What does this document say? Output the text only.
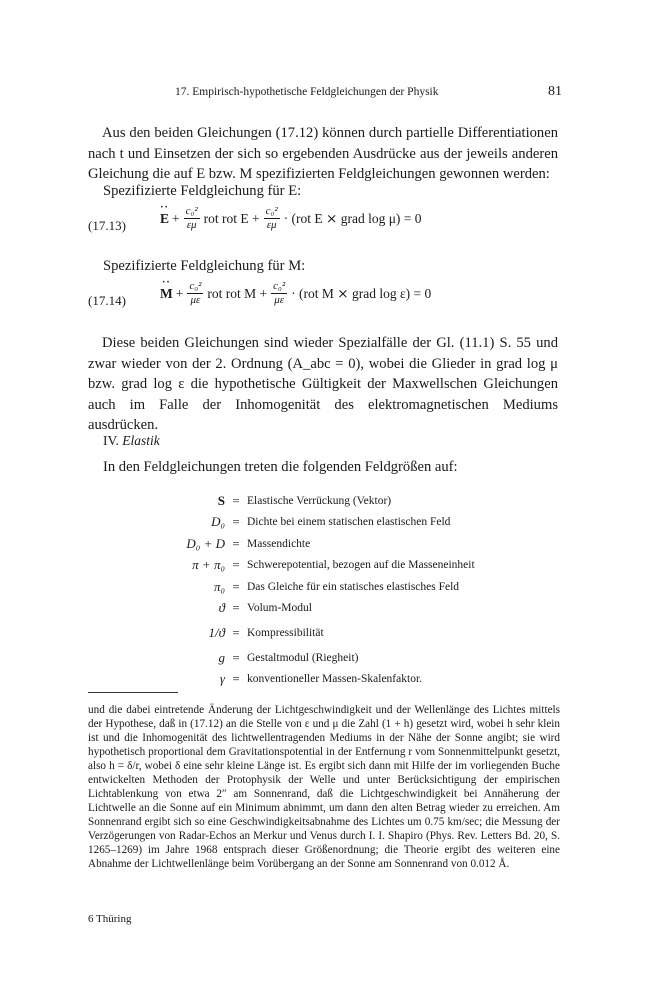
17. Empirisch-hypothetische Feldgleichungen der Physik	81
Aus den beiden Gleichungen (17.12) können durch partielle Differentiationen nach t und Einsetzen der sich so ergebenden Ausdrücke aus der jeweils anderen Gleichung die auf E bzw. M spezifizierten Feldgleichungen gewonnen werden:
Spezifizierte Feldgleichung für E:
(17.13)
··
$E + \frac{\text{c₀²}}{\varepsilon\mu}$ rot rot $E + \frac{\text{c₀²}}{\varepsilon\mu} \cdot (rot$ E ⨯ grad log μ) = 0
Spezifizierte Feldgleichung für M:
(17.14)
··
$M + \frac{\text{c₀²}}{\mu\varepsilon}$ rot rot $M + \frac{\text{c₀²}}{\mu\varepsilon} \cdot (rot$ M ⨯ grad log ε) = 0
Diese beiden Gleichungen sind wieder Spezialfälle der Gl. (11.1) S. 55 und zwar wieder von der 2. Ordnung (A_abc = 0), wobei die Glieder in grad log μ bzw. grad log ε die hypothetische Gültigkeit der Maxwellschen Gleichungen auch im Falle der Inhomogenität des elektromagnetischen Mediums ausdrücken.
IV. Elastik
In den Feldgleichungen treten die folgenden Feldgrößen auf:
S = Elastische Verrückung (Vektor)
D₀ = Dichte bei einem statischen elastischen Feld
D₀ + D = Massendichte
π + π₀ = Schwerepotential, bezogen auf die Masseneinheit
π₀ = Das Gleiche für ein statisches elastisches Feld
ϑ = Volum-Modul
1/ϑ = Kompressibilität
g = Gestaltmodul (Riegheit)
γ = konventioneller Massen-Skalenfaktor.
und die dabei eintretende Änderung der Lichtgeschwindigkeit und der Wellenlänge des Lichtes mittels der Hypothese, daß in (17.12) an die Stelle von ε und μ die Zahl (1 + h) gesetzt wird, wobei h sehr klein ist und die Inhomogenität des lichtwellentragenden Mediums in der Nähe der Sonne angibt; sie wird hypothetisch proportional dem Gravitationspotential in der Entfernung r vom Sonnenmittelpunkt gesetzt, also h = δ/r, wobei δ eine sehr kleine Länge ist. Es ergibt sich dann mit Hilfe der im vorliegenden Buche entwickelten Methoden der Protophysik der Welle und unter Berücksichtigung der empirischen Lichtablenkung von etwa 2″ am Sonnenrand, daß die Lichtgeschwindigkeit bei Annäherung der Lichtwelle an die Sonne auf ein Minimum abnimmt, um dann den alten Betrag wieder zu erreichen. Am Sonnenrand ergibt sich so eine Geschwindigkeitsabnahme des Lichtes um 0.75 km/sec; die Messung der Verzögerungen von Radar-Echos an Merkur und Venus durch I. I. Shapiro (Phys. Rev. Letters Bd. 20, S. 1265–1269) im Jahre 1968 entsprach dieser Größenordnung; die Theorie ergibt des weiteren eine Abnahme der Lichtwellenlänge beim Vorübergang an der Sonne am Sonnenrand von 0.012 Å.
6 Thüring
